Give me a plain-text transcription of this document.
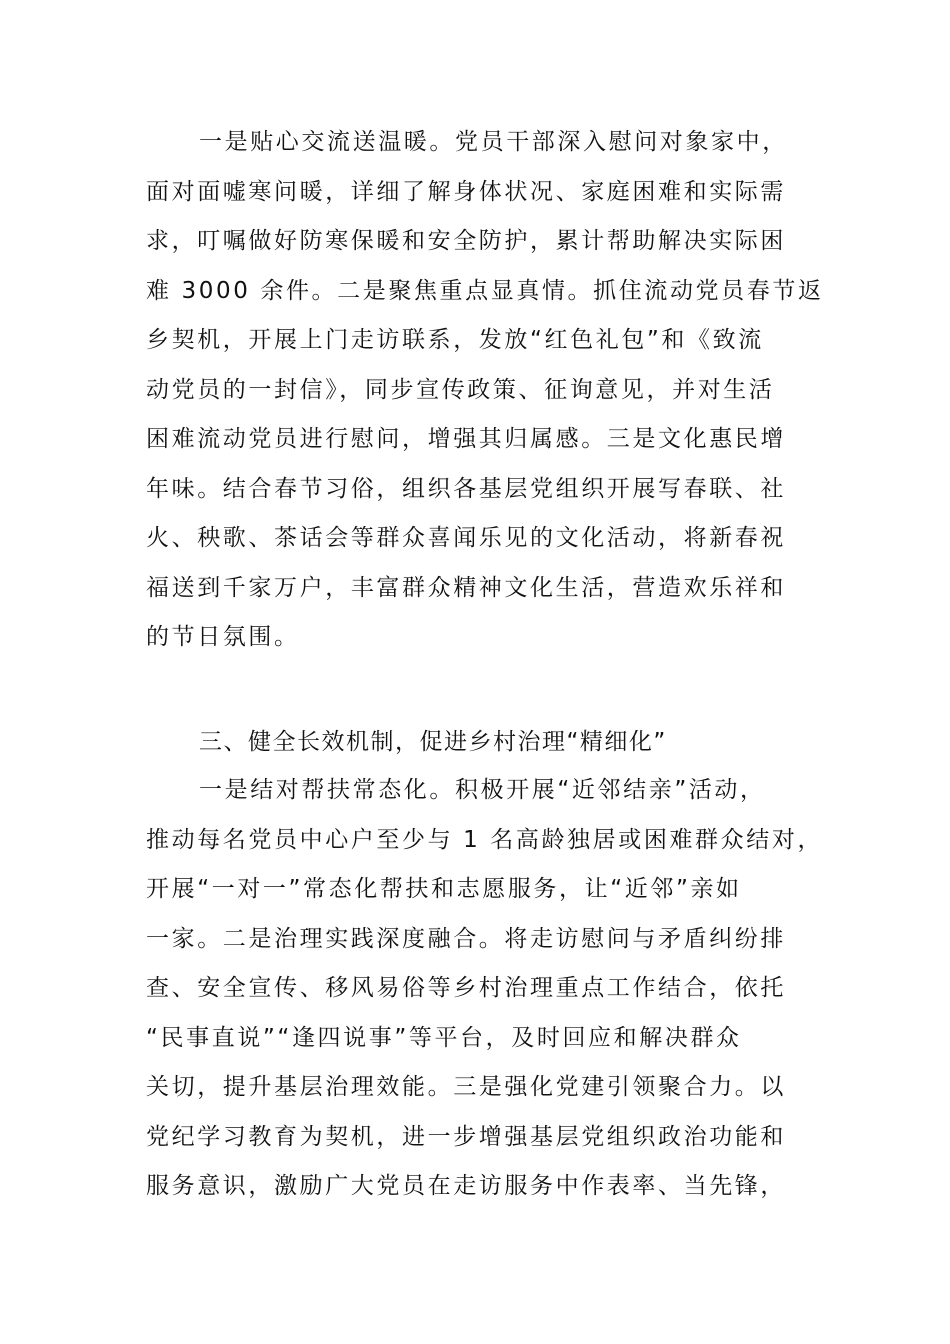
一是贴心交流送温暖。党员干部深入慰问对象家中，
面对面嘘寒问暖，详细了解身体状况、家庭困难和实际需
求，叮嘱做好防寒保暖和安全防护，累计帮助解决实际困
难 3000 余件。二是聚焦重点显真情。抓住流动党员春节返
乡契机，开展上门走访联系，发放“红色礼包”和《致流
动党员的一封信》，同步宣传政策、征询意见，并对生活
困难流动党员进行慰问，增强其归属感。三是文化惠民增
年味。结合春节习俗，组织各基层党组织开展写春联、社
火、秧歌、茶话会等群众喜闻乐见的文化活动，将新春祝
福送到千家万户，丰富群众精神文化生活，营造欢乐祥和
的节日氛围。
三、健全长效机制，促进乡村治理“精细化”
一是结对帮扶常态化。积极开展“近邻结亲”活动，
推动每名党员中心户至少与 1 名高龄独居或困难群众结对，
开展“一对一”常态化帮扶和志愿服务，让“近邻”亲如
一家。二是治理实践深度融合。将走访慰问与矛盾纠纷排
查、安全宣传、移风易俗等乡村治理重点工作结合，依托
“民事直说”“逢四说事”等平台，及时回应和解决群众
关切，提升基层治理效能。三是强化党建引领聚合力。以
党纪学习教育为契机，进一步增强基层党组织政治功能和
服务意识，激励广大党员在走访服务中作表率、当先锋，
